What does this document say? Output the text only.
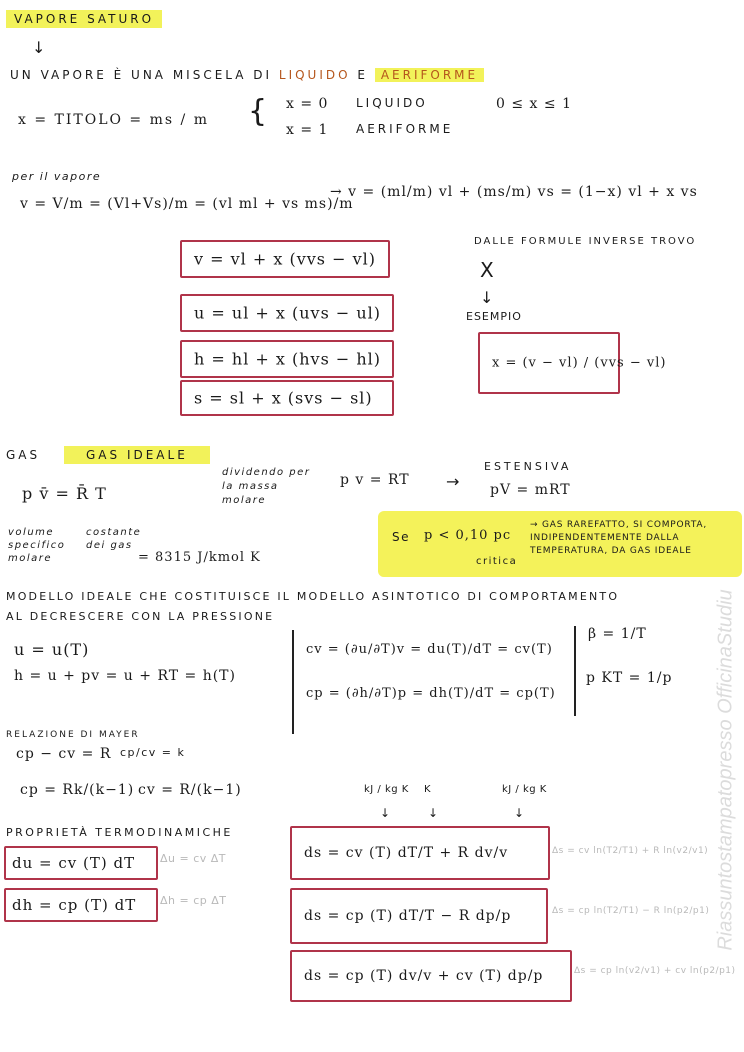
VAPORE SATURO
↓
UN VAPORE È UNA MISCELA DI LIQUIDO E AERIFORME
x = TITOLO = ms / m { x = 0 LIQUIDO
x = 1 AERIFORME
0 ≤ x ≤ 1
per il vapore
v = V/m = (Vl+Vs)/m = (vl ml + vs ms)/m
→ v = (ml/m) vl + (ms/m) vs = (1−x) vl + x vs
v = vl + x (vvs − vl)
u = ul + x (uvs − ul)
h = hl + x (hvs − hl)
s = sl + x (svs − sl)
DALLE FORMULE INVERSE TROVO
X
↓
ESEMPIO
x = (v − vl) / (vvs − vl)
GAS	GAS IDEALE
p v̄ = R̄ T
dividendo per la massa molare
p v = RT →
ESTENSIVA
pV = mRT
volume specifico molare
costante dei gas
= 8315 J/kmol K
Se p < 0,10 pc
critica
→ GAS RAREFATTO, SI COMPORTA, INDIPENDENTEMENTE DALLA TEMPERATURA, DA GAS IDEALE
MODELLO IDEALE CHE COSTITUISCE IL MODELLO ASINTOTICO DI COMPORTAMENTO
AL DECRESCERE CON LA PRESSIONE
u = u(T)
h = u + pv = u + RT = h(T)
cv = (∂u/∂T)v = du(T)/dT = cv(T)
cp = (∂h/∂T)p = dh(T)/dT = cp(T)
β = 1/T
p KT = 1/p
RELAZIONE DI MAYER
cp − cv = R cp/cv = k
cp = Rk/(k−1) cv = R/(k−1)
PROPRIETÀ TERMODINAMICHE
du = cv (T) dT Δu = cv ΔT
dh = cp (T) dT Δh = cp ΔT
kJ / kg K
↓
K
↓
kJ / kg K
↓
ds = cv (T) dT/T + R dv/v	Δs = cv ln(T2/T1) + R ln(v2/v1)
ds = cp (T) dT/T − R dp/p	Δs = cp ln(T2/T1) − R ln(p2/p1)
ds = cp (T) dv/v + cv (T) dp/p	Δs = cp ln(v2/v1) + cv ln(p2/p1)
Riassuntostampatopresso OfficinaStudiu
